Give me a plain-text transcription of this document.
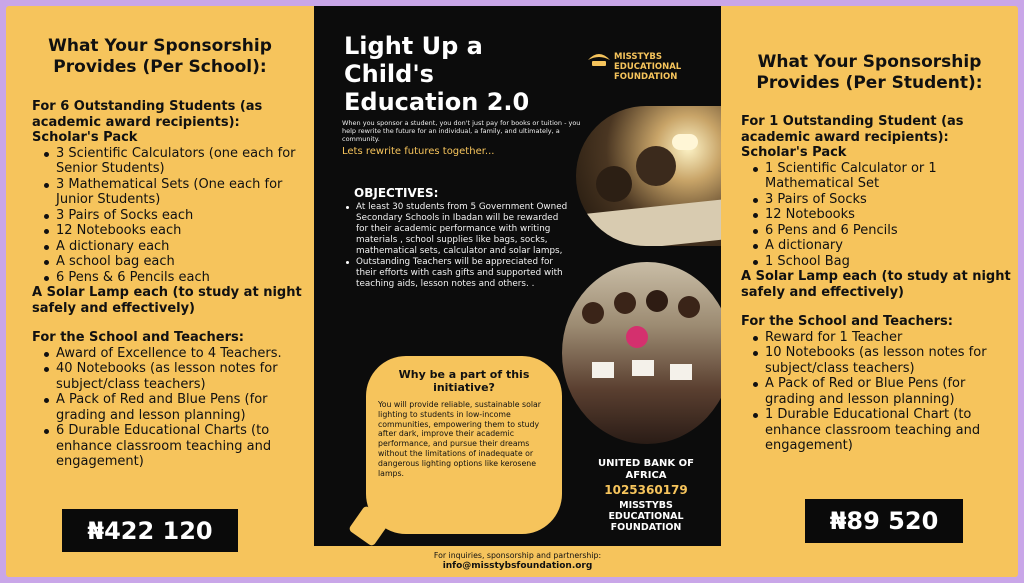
What Your Sponsorship Provides (Per School):
For 6 Outstanding Students (as academic award recipients):
Scholar's Pack
3 Scientific Calculators (one each for Senior Students)
3 Mathematical Sets (One each for Junior Students)
3 Pairs of Socks each
12 Notebooks each
A dictionary each
A school bag each
6 Pens & 6 Pencils each
A Solar Lamp each (to study at night safely and effectively)
For the School and Teachers:
Award of Excellence to 4 Teachers.
40 Notebooks (as lesson notes for subject/class teachers)
A Pack of Red and Blue Pens (for grading and lesson planning)
6 Durable Educational Charts (to enhance classroom teaching and engagement)
₦422 120
Light Up a Child's Education 2.0
MISSTYBS EDUCATIONAL FOUNDATION
When you sponsor a student, you don't just pay for books or tuition - you help rewrite the future for an individual, a family, and ultimately, a community.
Lets rewrite futures together...
OBJECTIVES:
At least 30 students from 5 Government Owned Secondary Schools in Ibadan will be rewarded for their academic performance with writing materials , school supplies like bags, socks, mathematical sets, calculator and solar lamps,
Outstanding Teachers will be appreciated for their efforts with cash gifts and supported with teaching aids, lesson notes and others. .
Why be a part of this initiative?

You will provide reliable, sustainable solar lighting to students in low-income communities, empowering them to study after dark, improve their academic performance, and pursue their dreams without the limitations of inadequate or dangerous lighting options like kerosene lamps.

UNITED BANK OF AFRICA
1025360179
MISSTYBS EDUCATIONAL FOUNDATION
For inquiries, sponsorship and partnership:
info@misstybsfoundation.org
What Your Sponsorship Provides (Per Student):
For 1 Outstanding Student (as academic award recipients):
Scholar's Pack
1 Scientific Calculator or 1 Mathematical Set
3 Pairs of Socks
12 Notebooks
6 Pens and 6 Pencils
A dictionary
1 School Bag
A Solar Lamp each (to study at night safely and effectively)
For the School and Teachers:
Reward for 1 Teacher
10 Notebooks (as lesson notes for subject/class teachers)
A Pack of Red or Blue Pens (for grading and lesson planning)
1 Durable Educational Chart (to enhance classroom teaching and engagement)
₦89 520
